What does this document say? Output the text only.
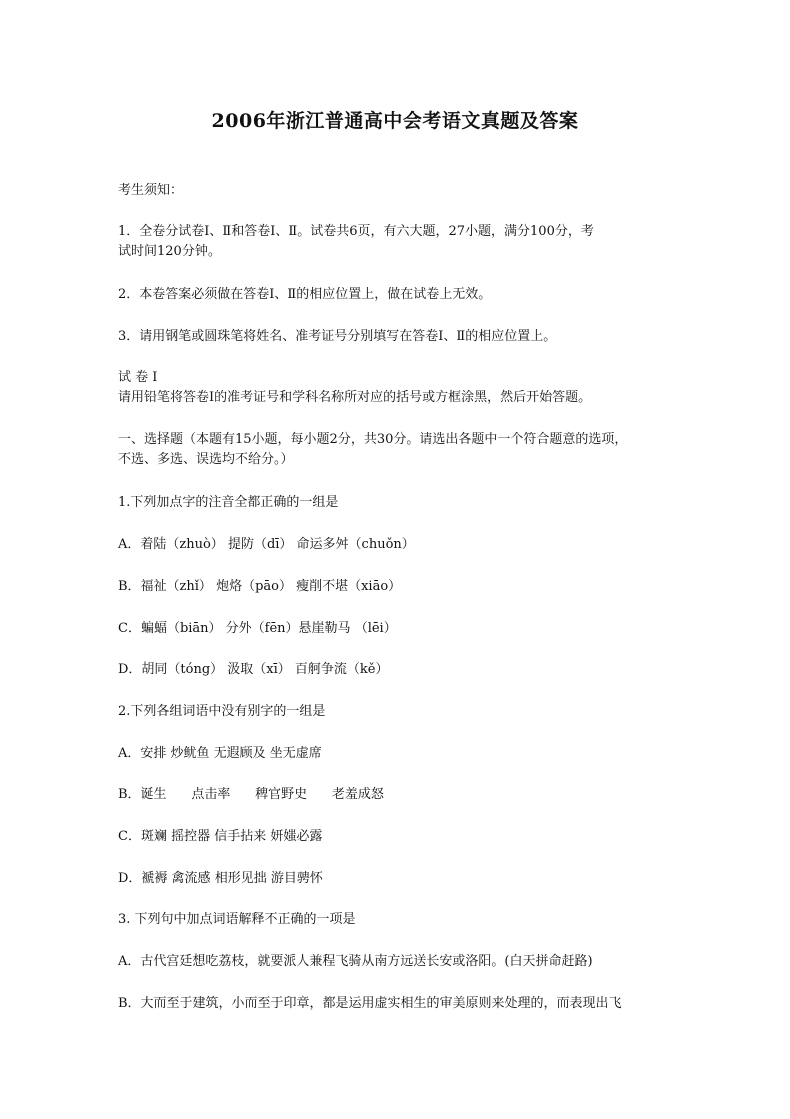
2006年浙江普通高中会考语文真题及答案

考生须知：

1．全卷分试卷Ⅰ、Ⅱ和答卷Ⅰ、Ⅱ。试卷共6页，有六大题，27小题，满分100分，考

试时间120分钟。

2．本卷答案必须做在答卷Ⅰ、Ⅱ的相应位置上，做在试卷上无效。

3．请用钢笔或圆珠笔将姓名、准考证号分别填写在答卷Ⅰ、Ⅱ的相应位置上。

试 卷 Ⅰ

请用铅笔将答卷Ⅰ的准考证号和学科名称所对应的括号或方框涂黑，然后开始答题。

一、选择题（本题有15小题，每小题2分，共30分。请选出各题中一个符合题意的选项，

不选、多选、误选均不给分。）

1.下列加点字的注音全都正确的一组是

A．着陆（zhuò） 提防（dī） 命运多舛（chuǒn）

B．福祉（zhǐ） 炮烙（pāo） 瘦削不堪（xiāo）

C．蝙蝠（biān） 分外（fēn）悬崖勒马 （lēi）

D．胡同（tóng） 汲取（xī） 百舸争流（kě）

2.下列各组词语中没有别字的一组是

A．安排 炒鱿鱼 无遐顾及 坐无虚席

B．诞生      点击率      稗官野史      老羞成怒

C．斑斓 摇控器 信手拈来 妍媸必露

D．褫褥 禽流感 相形见拙 游目骋怀

3. 下列句中加点词语解释不正确的一项是

A．古代宫廷想吃荔枝，就要派人兼程飞骑从南方远送长安或洛阳。(白天拼命赶路)

B．大而至于建筑，小而至于印章，都是运用虚实相生的审美原则来处理的，而表现出飞
